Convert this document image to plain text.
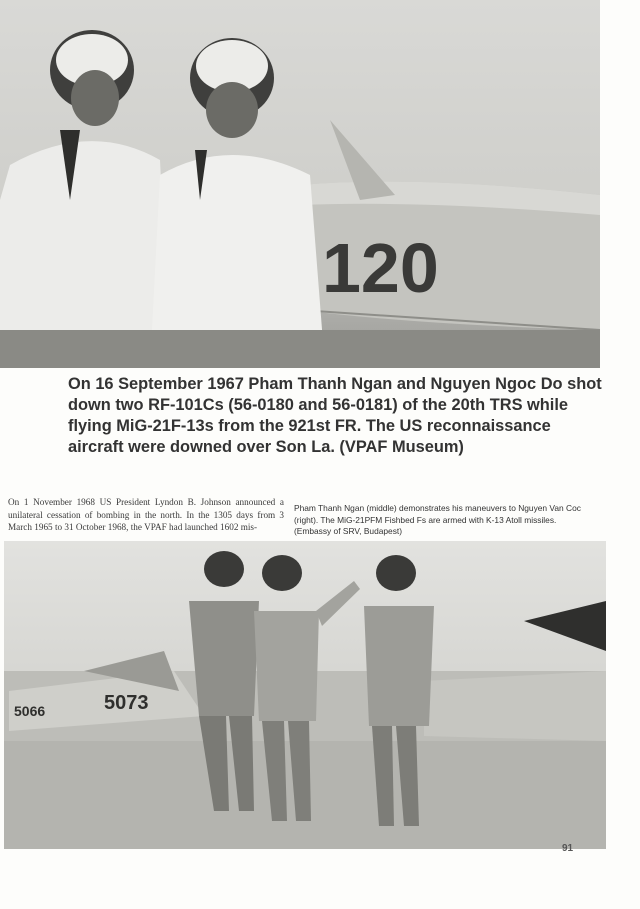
120

On 16 September 1967 Pham Thanh Ngan and Nguyen Ngoc Do shot down two RF-101Cs (56-0180 and 56-0181) of the 20th TRS while flying MiG-21F-13s from the 921st FR. The US reconnaissance aircraft were downed over Son La. (VPAF Museum)

On 1 November 1968 US President Lyndon B. Johnson announced a unilateral cessation of bombing in the north. In the 1305 days from 3 March 1965 to 31 October 1968, the VPAF had launched 1602 mis-

Pham Thanh Ngan (middle) demonstrates his maneuvers to Nguyen Van Coc (right). The MiG-21PFM Fishbed Fs are armed with K-13 Atoll missiles. (Embassy of SRV, Budapest)

5073
5066
91
